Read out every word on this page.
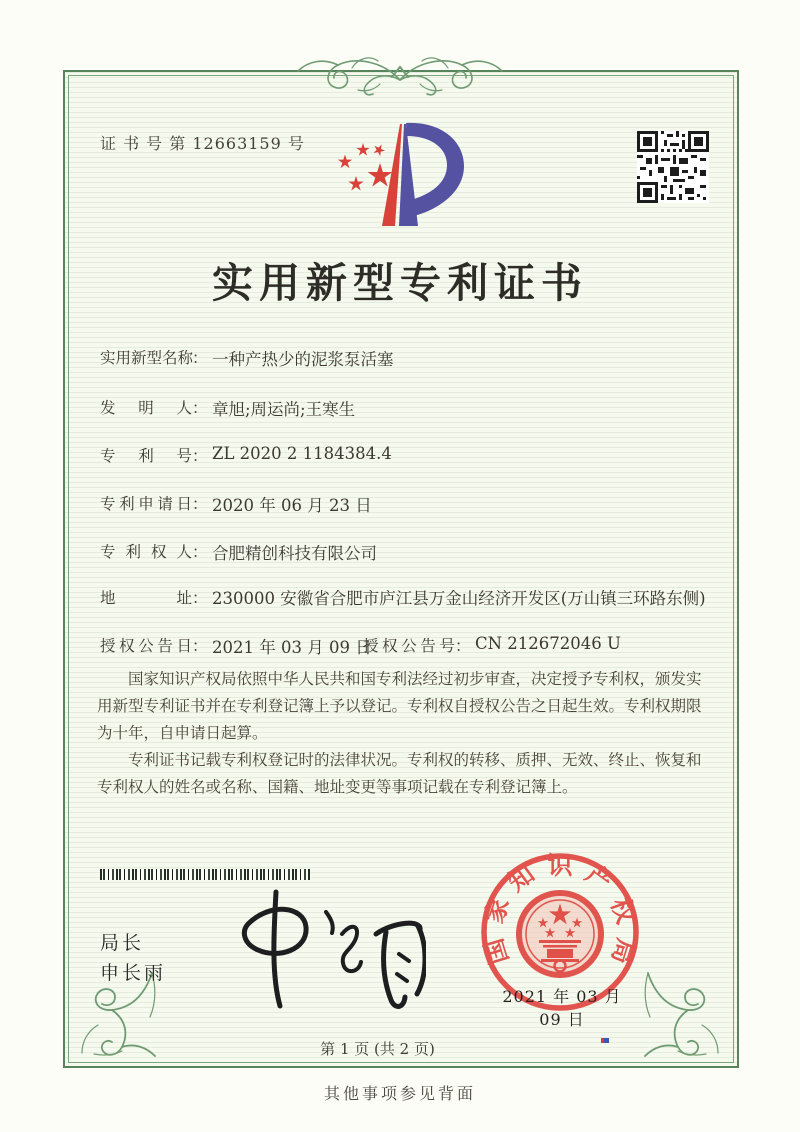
证 书 号 第 12663159 号
实用新型专利证书
实用新型名称： 一种产热少的泥浆泵活塞
发明人： 章旭;周运尚;王寒生
专利号： ZL 2020 2 1184384.4
专利申请日： 2020 年 06 月 23 日
专利权人： 合肥精创科技有限公司
地址： 230000 安徽省合肥市庐江县万金山经济开发区(万山镇三环路东侧)
授权公告日： 2021 年 03 月 09 日
授权公告号： CN 212672046 U
国家知识产权局依照中华人民共和国专利法经过初步审查，决定授予专利权，颁发实用新型专利证书并在专利登记簿上予以登记。专利权自授权公告之日起生效。专利权期限为十年，自申请日起算。
专利证书记载专利权登记时的法律状况。专利权的转移、质押、无效、终止、恢复和专利权人的姓名或名称、国籍、地址变更等事项记载在专利登记簿上。
局长
申长雨
国
家
知 识 产
权
局
2021 年 03 月 09 日
第 1 页 (共 2 页)
其他事项参见背面
